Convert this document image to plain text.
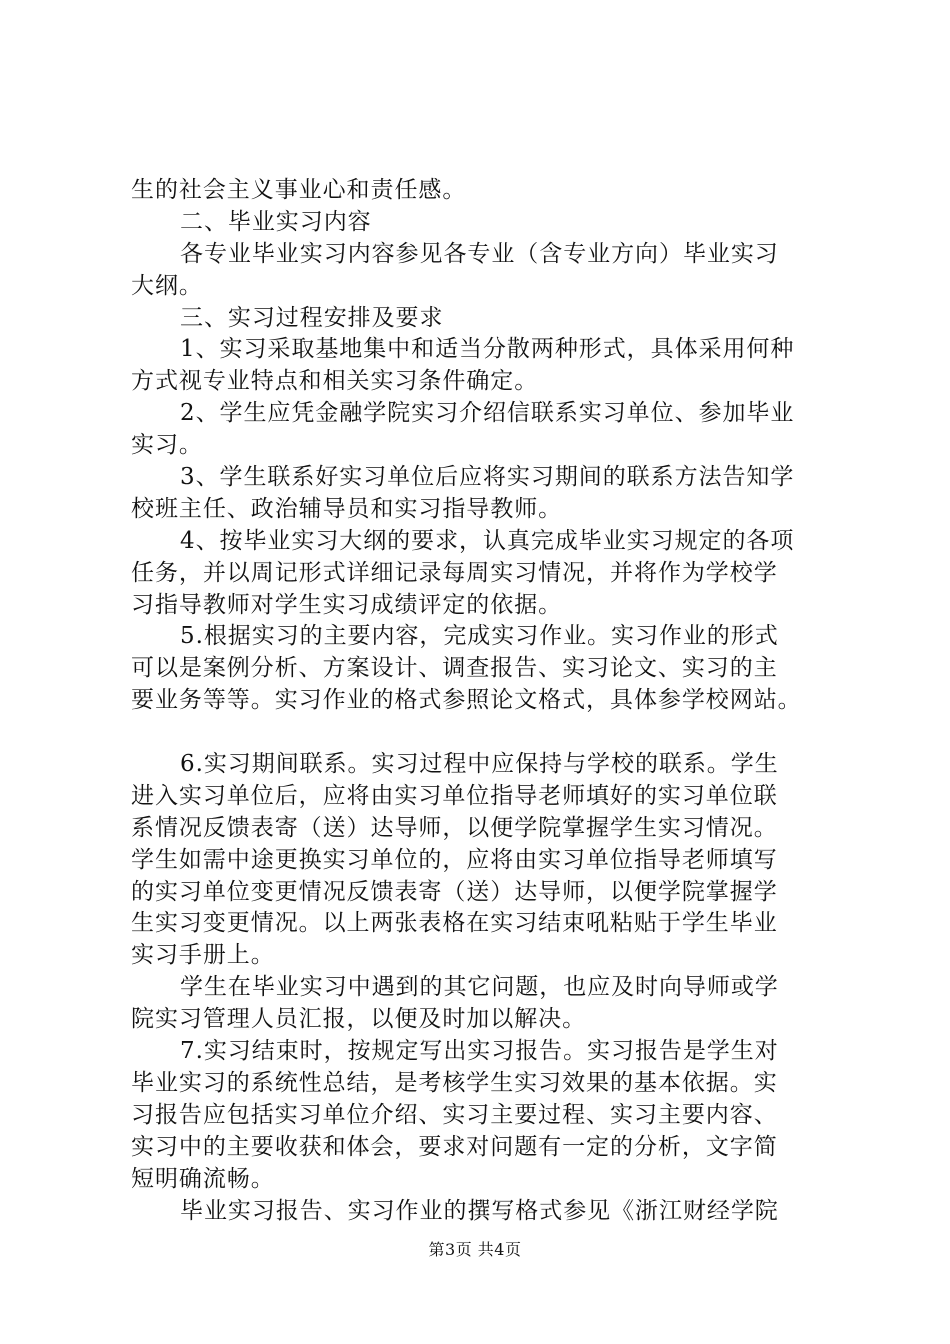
生的社会主义事业心和责任感。
二、毕业实习内容
各专业毕业实习内容参见各专业（含专业方向）毕业实习
大纲。
三、实习过程安排及要求
1、实习采取基地集中和适当分散两种形式，具体采用何种
方式视专业特点和相关实习条件确定。
2、学生应凭金融学院实习介绍信联系实习单位、参加毕业
实习。
3、学生联系好实习单位后应将实习期间的联系方法告知学
校班主任、政治辅导员和实习指导教师。
4、按毕业实习大纲的要求，认真完成毕业实习规定的各项
任务，并以周记形式详细记录每周实习情况，并将作为学校学
习指导教师对学生实习成绩评定的依据。
5.根据实习的主要内容，完成实习作业。实习作业的形式
可以是案例分析、方案设计、调查报告、实习论文、实习的主
要业务等等。实习作业的格式参照论文格式，具体参学校网站。
6.实习期间联系。实习过程中应保持与学校的联系。学生
进入实习单位后，应将由实习单位指导老师填好的实习单位联
系情况反馈表寄（送）达导师，以便学院掌握学生实习情况。
学生如需中途更换实习单位的，应将由实习单位指导老师填写
的实习单位变更情况反馈表寄（送）达导师，以便学院掌握学
生实习变更情况。以上两张表格在实习结束吼粘贴于学生毕业
实习手册上。
学生在毕业实习中遇到的其它问题，也应及时向导师或学
院实习管理人员汇报，以便及时加以解决。
7.实习结束时，按规定写出实习报告。实习报告是学生对
毕业实习的系统性总结，是考核学生实习效果的基本依据。实
习报告应包括实习单位介绍、实习主要过程、实习主要内容、
实习中的主要收获和体会，要求对问题有一定的分析，文字简
短明确流畅。
毕业实习报告、实习作业的撰写格式参见《浙江财经学院
第3页 共4页
